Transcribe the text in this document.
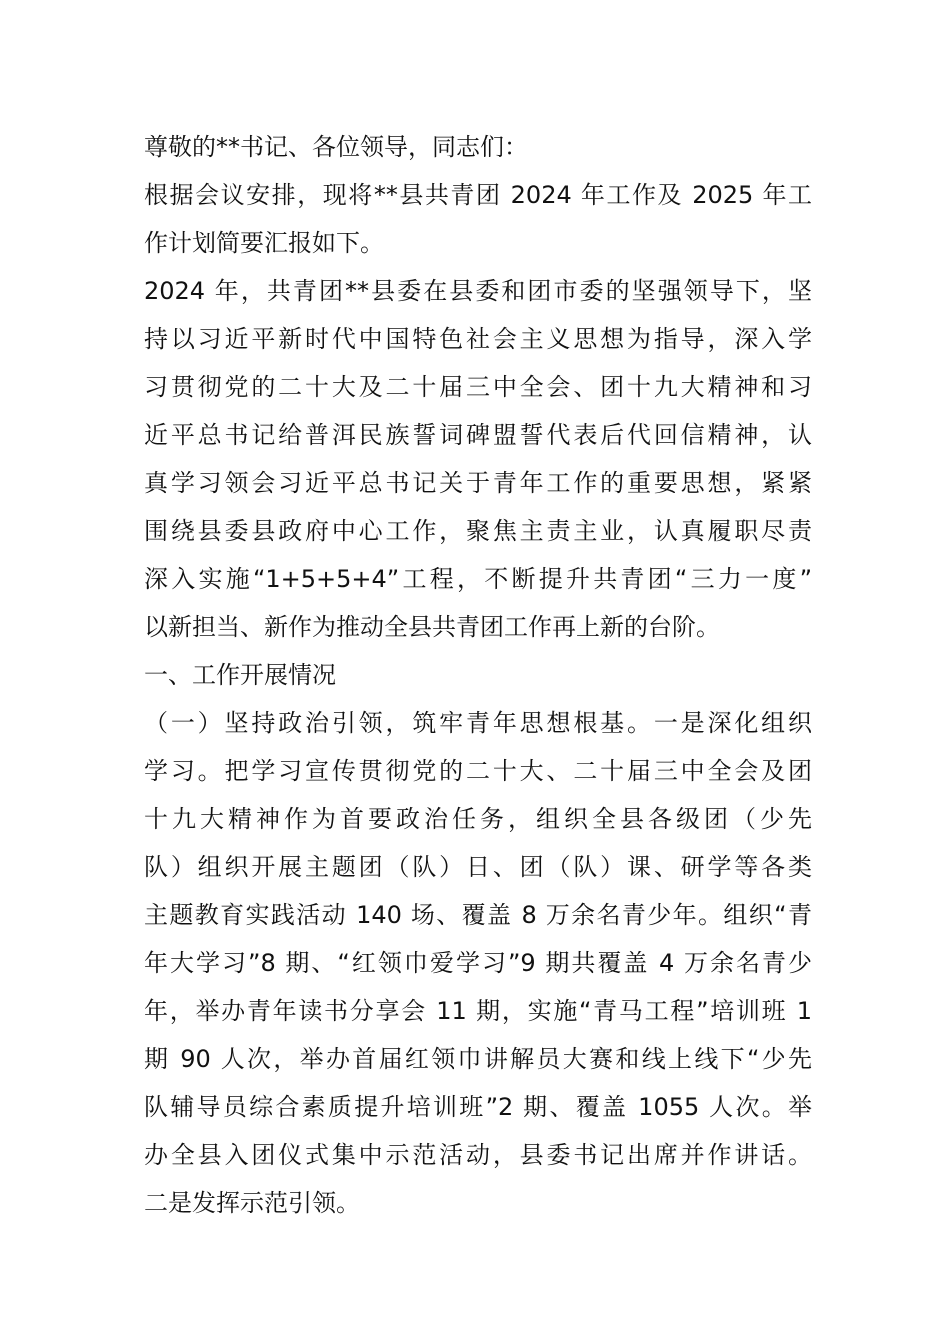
尊敬的**书记、各位领导，同志们：

根据会议安排，现将**县共青团 2024 年工作及 2025 年工
作计划简要汇报如下。

2024 年，共青团**县委在县委和团市委的坚强领导下，坚
持以习近平新时代中国特色社会主义思想为指导，深入学
习贯彻党的二十大及二十届三中全会、团十九大精神和习
近平总书记给普洱民族誓词碑盟誓代表后代回信精神，认
真学习领会习近平总书记关于青年工作的重要思想，紧紧
围绕县委县政府中心工作，聚焦主责主业，认真履职尽责
深入实施“1+5+5+4”工程，不断提升共青团“三力一度”
以新担当、新作为推动全县共青团工作再上新的台阶。

一、工作开展情况

（一）坚持政治引领，筑牢青年思想根基。一是深化组织
学习。把学习宣传贯彻党的二十大、二十届三中全会及团
十九大精神作为首要政治任务，组织全县各级团（少先
队）组织开展主题团（队）日、团（队）课、研学等各类
主题教育实践活动 140 场、覆盖 8 万余名青少年。组织“青
年大学习”8 期、“红领巾爱学习”9 期共覆盖 4 万余名青少
年，举办青年读书分享会 11 期，实施“青马工程”培训班 1
期 90 人次，举办首届红领巾讲解员大赛和线上线下“少先
队辅导员综合素质提升培训班”2 期、覆盖 1055 人次。举
办全县入团仪式集中示范活动，县委书记出席并作讲话。
二是发挥示范引领。
